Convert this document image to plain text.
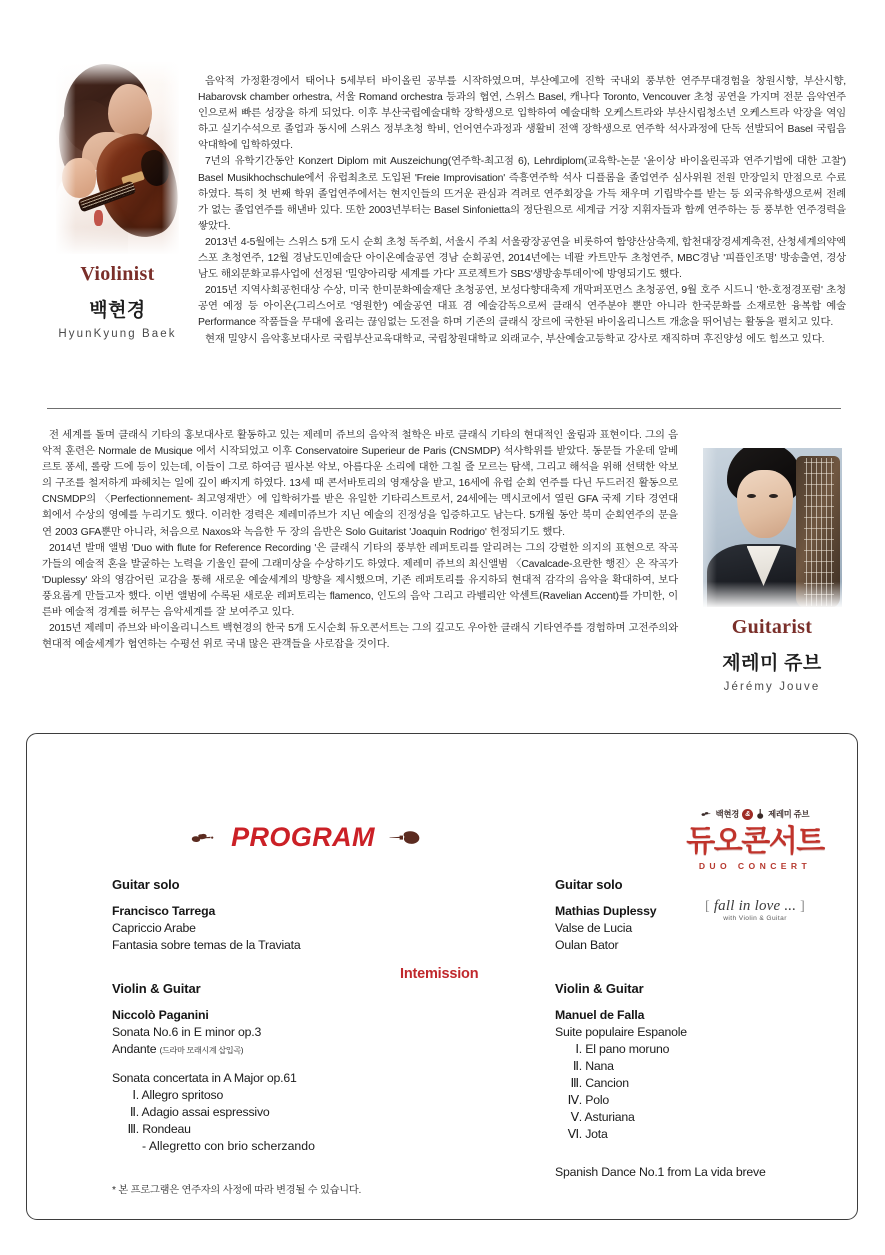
Violinist
백현경
HyunKyung Baek

음악적 가정환경에서 태어나 5세부터 바이올린 공부를 시작하였으며, 부산예고에 진학 국내외 풍부한 연주무대경험을 창원시향, 부산시향, Habarovsk chamber orhestra, 서울 Romand orchestra 등과의 협연, 스위스 Basel, 캐나다 Toronto, Vencouver 초청 공연을 가지며 전문 음악연주인으로써 빠른 성장을 하게 되었다. 이후 부산국립예술대학 장학생으로 입학하여 예술대학 오케스트라와 부산시립청소년 오케스트라 악장을 역임하고 실기수석으로 졸업과 동시에 스위스 정부초청 학비, 언어연수과정과 생활비 전액 장학생으로 연주학 석사과정에 단독 선발되어 Basel 국립음악대학에 입학하였다.

7년의 유학기간동안 Konzert Diplom mit Auszeichung(연주학-최고점 6), Lehrdiplom(교육학-논문 '윤이상 바이올린곡과 연주기법에 대한 고찰') Basel Musikhochschule에서 유럽최초로 도입된 'Freie Improvisation' 즉흥연주학 석사 디플롬을 졸업연주 심사위원 전원 만장일치 만점으로 수료하였다. 특히 첫 번째 학위 졸업연주에서는 현지인들의 뜨거운 관심과 격려로 연주회장을 가득 채우며 기립박수를 받는 등 외국유학생으로써 전례가 없는 졸업연주를 해낸바 있다. 또한 2003년부터는 Basel Sinfonietta의 정단원으로 세계급 거장 지휘자들과 함께 연주하는 등 풍부한 연주경력을 쌓았다.

2013년 4-5월에는 스위스 5개 도시 순회 초청 독주회, 서울시 주최 서울광장공연을 비롯하여 함양산삼축제, 합천대장경세계축전, 산청세계의약엑스포 초청연주, 12월 경남도민예술단 아이온예술공연 경남 순회공연, 2014년에는 네팔 카트만두 초청연주, MBC경남 '피플인조명' 방송출연, 경상남도 해외문화교류사업에 선정된 '밀양아리랑 세계를 가다' 프로젝트가 SBS'생방송투데이'에 방영되기도 했다.

2015년 지역사회공헌대상 수상, 미국 한미문화예술재단 초청공연, 보성다향대축제 개막퍼포먼스 초청공연, 9월 호주 시드니 '한-호정경포럼' 초청공연 예정 등 아이온(그리스어로 '영원한') 예술공연 대표 겸 예술감독으로써 클래식 연주분야 뿐만 아니라 한국문화를 소재로한 융복합 예술 Performance 작품들을 무대에 올리는 끊임없는 도전을 하며 기존의 클래식 장르에 국한된 바이올리니스트 개念을 뛰어넘는 활동을 펼치고 있다.

현재 밀양시 음악홍보대사로 국립부산교육대학교, 국립창원대학교 외래교수, 부산예술고등학교 강사로 재직하며 후진양성 에도 힘쓰고 있다.

전 세계를 돌며 클래식 기타의 홍보대사로 활동하고 있는 제레미 쥬브의 음악적 철학은 바로 클래식 기타의 현대적인 울림과 표현이다. 그의 음악적 훈련은 Normale de Musique 에서 시작되었고 이후 Conservatoire Superieur de Paris (CNSMDP) 석사학위를 받았다. 동문들 가운데 알베르토 퐁세, 롤랑 드에 등이 있는데, 이들이 그로 하여금 필사본 악보, 아름다운 소리에 대한 그칠 줄 모르는 탐색, 그리고 해석을 위해 선택한 악보의 구조를 철저하게 파헤치는 일에 깊이 빠지게 하였다. 13세 때 콘서바토리의 영재상을 받고, 16세에 유럽 순회 연주를 다닌 두드러진 활동으로 CNSMDP의 〈Perfectionnement- 최고영재반〉에 입학허가를 받은 유일한 기타리스트로서, 24세에는 멕시코에서 열린 GFA 국제 기타 경연대회에서 수상의 영예를 누리기도 했다. 이러한 경력은 제레미쥬브가 지닌 예술의 진정성을 입증하고도 남는다. 5개월 동안 북미 순회연주의 문을 연 2003 GFA뿐만 아니라, 처음으로 Naxos와 녹음한 두 장의 음반은 Solo Guitarist 'Joaquin Rodrigo' 헌정되기도 했다.

2014년 발매 앨범 'Duo with flute for Reference Recording '은 클래식 기타의 풍부한 레퍼토리를 알리려는 그의 강렬한 의지의 표현으로 작곡가들의 예술적 혼을 발굴하는 노력을 기울인 끝에 그래미상을 수상하기도 하였다. 제레미 쥬브의 최신앨범 〈Cavalcade-요란한 행진〉은 작곡가 'Duplessy' 와의 영감어린 교감을 통해 새로운 예술세계의 방향을 제시했으며, 기존 레퍼토리를 유지하되 현대적 감각의 음악을 확대하여, 보다 풍요롭게 만들고자 했다. 이번 앨범에 수록된 새로운 레퍼토리는 flamenco, 인도의 음악 그리고 라벨리안 악센트(Ravelian Accent)를 가미한, 이른바 예술적 경계를 허무는 음악세계를 잘 보여주고 있다.

2015년 제레미 쥬브와 바이올리니스트 백현경의 한국 5개 도시순회 듀오콘서트는 그의 깊고도 우아한 클래식 기타연주를 경험하며 고전주의와 현대적 예술세계가 협연하는 수평선 위로 국내 많은 관객들을 사로잡을 것이다.

Guitarist
제레미 쥬브
Jérémy Jouve
PROGRAM
백현경 &	제레미 쥬브
듀오콘서트
DUO CONCERT
[ fall in love ... ]
with Violin & Guitar
Guitar solo
Francisco Tarrega
Capriccio Arabe
Fantasia sobre temas de la Traviata
Violin & Guitar
Niccolò Paganini
Sonata No.6 in E minor op.3
Andante (드라마 모래시계 삽입곡)
Sonata concertata in A Major op.61
Ⅰ. Allegro spritoso
Ⅱ. Adagio assai espressivo
Ⅲ. Rondeau
- Allegretto con brio scherzando
Intemission
Guitar solo
Mathias Duplessy
Valse de Lucia
Oulan Bator
Violin & Guitar
Manuel de Falla
Suite populaire Espanole
Ⅰ. El pano moruno
Ⅱ. Nana
Ⅲ. Cancion
Ⅳ. Polo
Ⅴ. Asturiana
Ⅵ. Jota
Spanish Dance No.1 from La vida breve
* 본 프로그램은 연주자의 사정에 따라 변경될 수 있습니다.
